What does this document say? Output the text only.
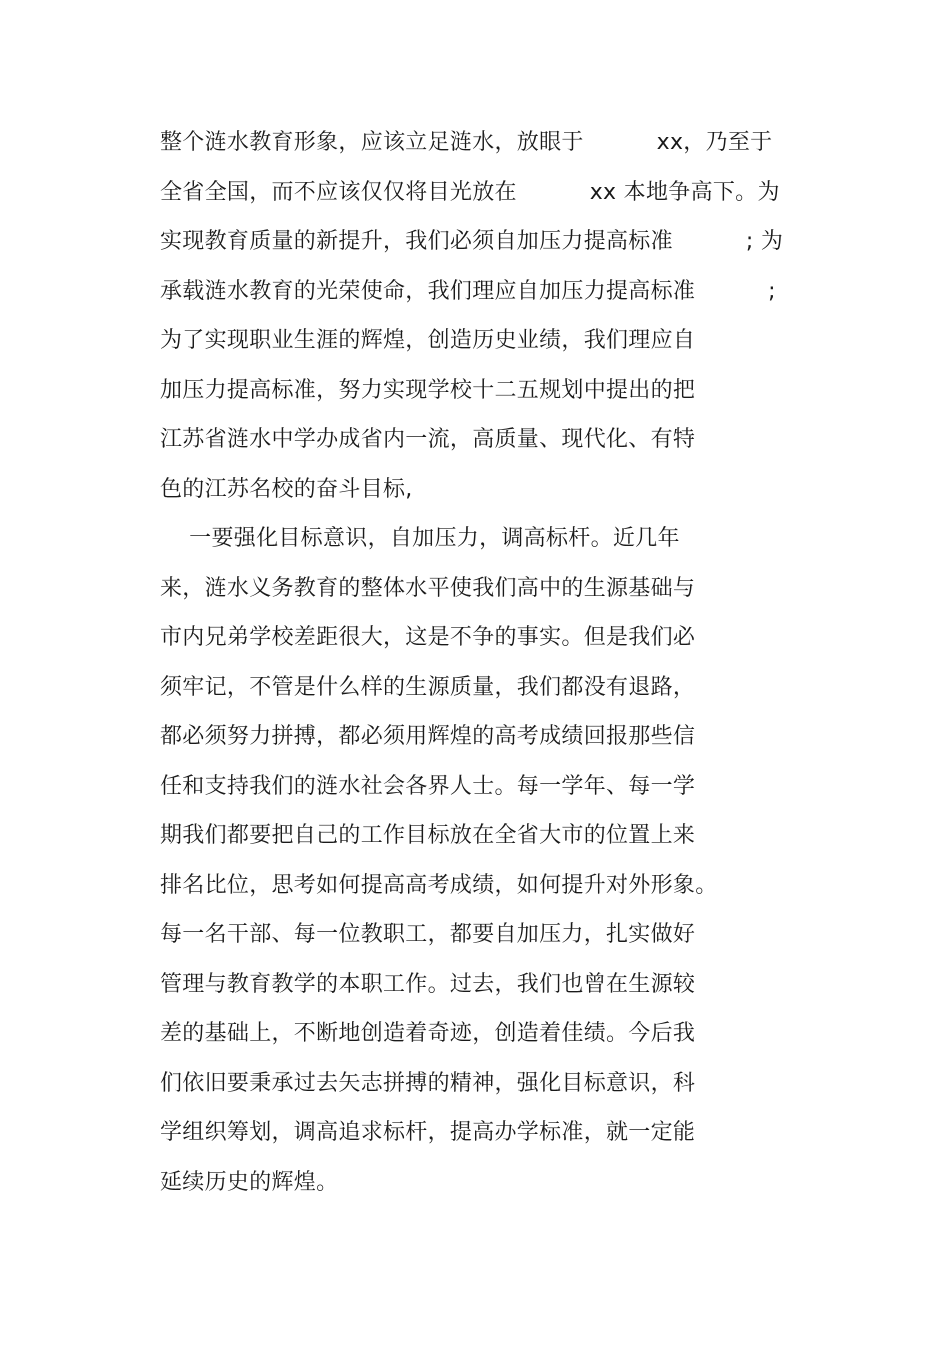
整个涟水教育形象，应该立足涟水，放眼于          xx，乃至于
全省全国，而不应该仅仅将目光放在          xx 本地争高下。为
实现教育质量的新提升，我们必须自加压力提高标准          ; 为
承载涟水教育的光荣使命，我们理应自加压力提高标准          ;
为了实现职业生涯的辉煌，创造历史业绩，我们理应自
加压力提高标准，努力实现学校十二五规划中提出的把
江苏省涟水中学办成省内一流，高质量、现代化、有特
色的江苏名校的奋斗目标,
一要强化目标意识，自加压力，调高标杆。近几年
来，涟水义务教育的整体水平使我们高中的生源基础与
市内兄弟学校差距很大，这是不争的事实。但是我们必
须牢记，不管是什么样的生源质量，我们都没有退路，
都必须努力拼搏，都必须用辉煌的高考成绩回报那些信
任和支持我们的涟水社会各界人士。每一学年、每一学
期我们都要把自己的工作目标放在全省大市的位置上来
排名比位，思考如何提高高考成绩，如何提升对外形象。
每一名干部、每一位教职工，都要自加压力，扎实做好
管理与教育教学的本职工作。过去，我们也曾在生源较
差的基础上，不断地创造着奇迹，创造着佳绩。今后我
们依旧要秉承过去矢志拼搏的精神，强化目标意识，科
学组织筹划，调高追求标杆，提高办学标准，就一定能
延续历史的辉煌。
